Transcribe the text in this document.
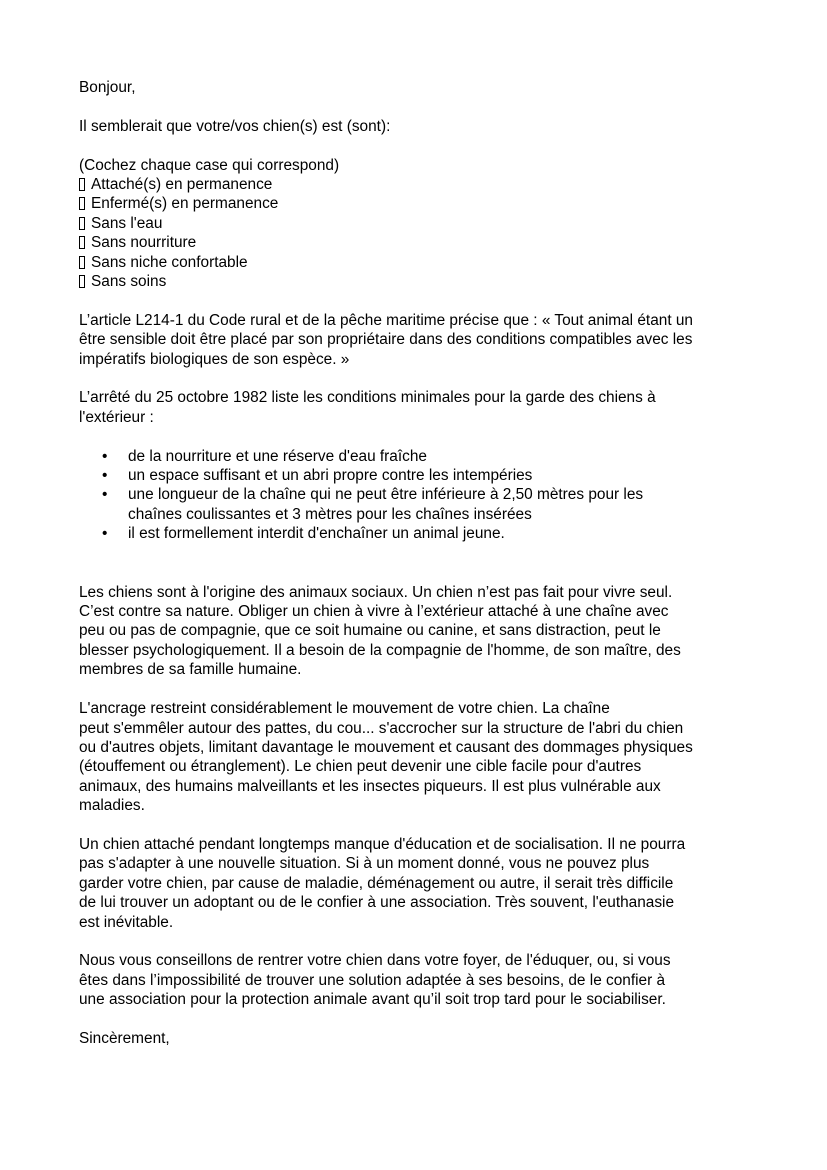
Bonjour,

Il semblerait que votre/vos chien(s) est (sont):

(Cochez chaque case qui correspond)

Attaché(s) en permanence
Enfermé(s) en permanence
Sans l'eau
Sans nourriture
Sans niche confortable
Sans soins

L’article L214-1 du Code rural et de la pêche maritime précise que : « Tout animal étant un

être sensible doit être placé par son propriétaire dans des conditions compatibles avec les

impératifs biologiques de son espèce. »

L’arrêté du 25 octobre 1982 liste les conditions minimales pour la garde des chiens à

l'extérieur :

• de la nourriture et une réserve d'eau fraîche
• un espace suffisant et un abri propre contre les intempéries
• une longueur de la chaîne qui ne peut être inférieure à 2,50 mètres pour les
chaînes coulissantes et 3 mètres pour les chaînes insérées
• il est formellement interdit d'enchaîner un animal jeune.

Les chiens sont à l'origine des animaux sociaux. Un chien n’est pas fait pour vivre seul.

C’est contre sa nature. Obliger un chien à vivre à l’extérieur attaché à une chaîne avec

peu ou pas de compagnie, que ce soit humaine ou canine, et sans distraction, peut le

blesser psychologiquement. Il a besoin de la compagnie de l'homme, de son maître, des

membres de sa famille humaine.

L'ancrage restreint considérablement le mouvement de votre chien. La chaîne

peut s'emmêler autour des pattes, du cou... s'accrocher sur la structure de l'abri du chien

ou d'autres objets, limitant davantage le mouvement et causant des dommages physiques

(étouffement ou étranglement). Le chien peut devenir une cible facile pour d'autres

animaux, des humains malveillants et les insectes piqueurs. Il est plus vulnérable aux

maladies.

Un chien attaché pendant longtemps manque d'éducation et de socialisation. Il ne pourra

pas s'adapter à une nouvelle situation. Si à un moment donné, vous ne pouvez plus

garder votre chien, par cause de maladie, déménagement ou autre, il serait très difficile

de lui trouver un adoptant ou de le confier à une association. Très souvent, l'euthanasie

est inévitable.

Nous vous conseillons de rentrer votre chien dans votre foyer, de l'éduquer, ou, si vous

êtes dans l’impossibilité de trouver une solution adaptée à ses besoins, de le confier à

une association pour la protection animale avant qu’il soit trop tard pour le sociabiliser.

Sincèrement,
